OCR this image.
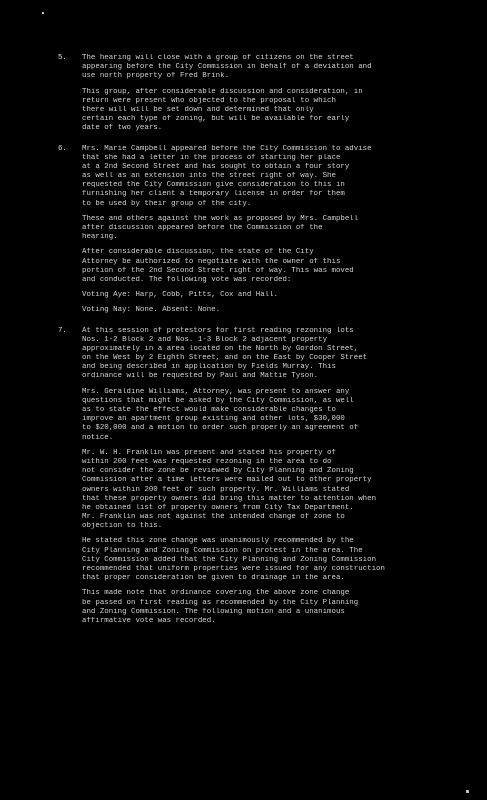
5. The hearing will close with a group of citizens on the street
appearing before the City Commission in behalf of a deviation and
use north property of Fred Brink.
This group, after considerable discussion and consideration, in
return were present who objected to the proposal to which
there will will be set down and determined that only
certain each type of zoning, but will be available for early
date of two years.
6. Mrs. Marie Campbell appeared before the City Commission to advise
that she had a letter in the process of starting her place
at a 2nd Second Street and has sought to obtain a four story
as well as an extension into the street right of way. She
requested the City Commission give consideration to this in
furnishing her client a temporary license in order for them
to be used by their group of the city.
These and others against the work as proposed by Mrs. Campbell
after discussion appeared before the Commission of the
hearing.
After considerable discussion, the state of the City
Attorney be authorized to negotiate with the owner of this
portion of the 2nd Second Street right of way. This was moved
and conducted. The following vote was recorded:
Voting Aye: Harp, Cobb, Pitts, Cox and Hall.
Voting Nay: None. Absent: None.
7. At this session of protestors for first reading rezoning lots
Nos. 1-2 Block 2 and Nos. 1-3 Block 2 adjacent property
approximately in a area located on the North by Gordon Street,
on the West by 2 Eighth Street, and on the East by Cooper Street
and being described in application by Fields Murray. This
ordinance will be requested by Paul and Mattie Tyson.
Mrs. Geraldine Williams, Attorney, was present to answer any
questions that might be asked by the City Commission, as well
as to state the effect would make considerable changes to
improve an apartment group existing and other lots, $30,000
to $20,000 and a motion to order such properly an agreement of
notice.
Mr. W. H. Franklin was present and stated his property of
within 200 feet was requested rezoning in the area to do
not consider the zone be reviewed by City Planning and Zoning
Commission after a time letters were mailed out to other property
owners within 200 feet of such property. Mr. Williams stated
that these property owners did bring this matter to attention when
he obtained list of property owners from City Tax Department.
Mr. Franklin was not against the intended change of zone to
objection to this.
He stated this zone change was unanimously recommended by the
City Planning and Zoning Commission on protest in the area. The
City Commission added that the City Planning and Zoning Commission
recommended that uniform properties were issued for any construction
that proper consideration be given to drainage in the area.
This made note that ordinance covering the above zone change
be passed on first reading as recommended by the City Planning
and Zoning Commission. The following motion and a unanimous
affirmative vote was recorded.
